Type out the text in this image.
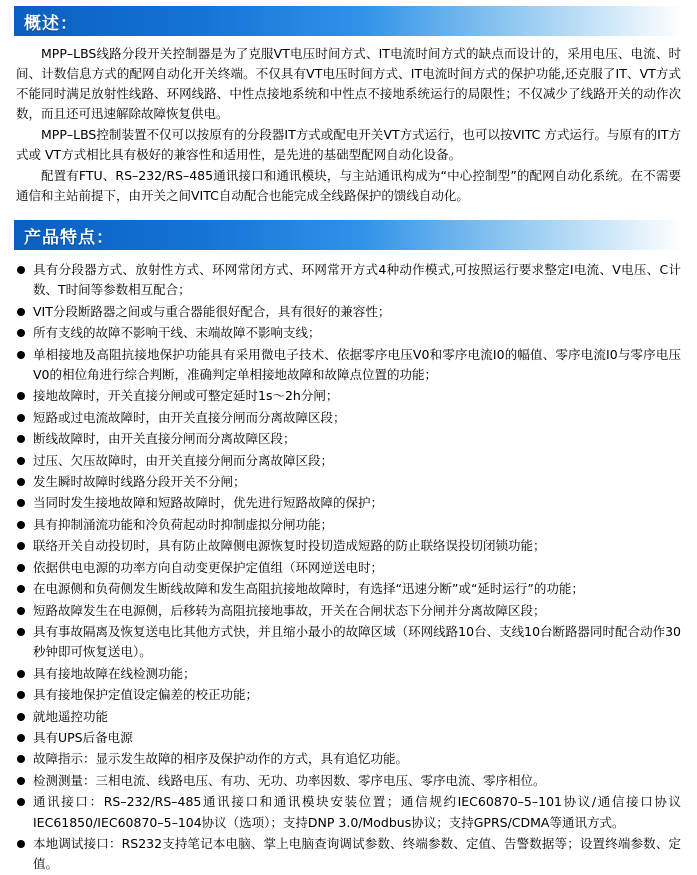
概述：

MPP–LBS线路分段开关控制器是为了克服VT电压时间方式、IT电流时间方式的缺点而设计的，采用电压、电流、时间、计数信息方式的配网自动化开关终端。不仅具有VT电压时间方式、IT电流时间方式的保护功能,还克服了IT、VT方式不能同时满足放射性线路、环网线路、中性点接地系统和中性点不接地系统运行的局限性；不仅减少了线路开关的动作次数，而且还可迅速解除故障恢复供电。

MPP–LBS控制装置不仅可以按原有的分段器IT方式或配电开关VT方式运行，也可以按VITC 方式运行。与原有的IT方式或 VT方式相比具有极好的兼容性和适用性，是先进的基础型配网自动化设备。

配置有FTU、RS–232/RS–485通讯接口和通讯模块，与主站通讯构成为“中心控制型”的配网自动化系统。在不需要通信和主站前提下，由开关之间VITC自动配合也能完成全线路保护的馈线自动化。

产品特点：
具有分段器方式、放射性方式、环网常闭方式、环网常开方式4种动作模式,可按照运行要求整定I电流、V电压、C计数、T时间等参数相互配合；
VIT分段断路器之间或与重合器能很好配合，具有很好的兼容性；
所有支线的故障不影响干线、末端故障不影响支线；
单相接地及高阻抗接地保护功能具有采用微电子技术、依据零序电压V0和零序电流I0的幅值、零序电流I0与零序电压V0的相位角进行综合判断，准确判定单相接地故障和故障点位置的功能；
接地故障时，开关直接分闸或可整定延时1s～2h分闸；
短路或过电流故障时，由开关直接分闸而分离故障区段；
断线故障时，由开关直接分闸而分离故障区段；
过压、欠压故障时，由开关直接分闸而分离故障区段；
发生瞬时故障时线路分段开关不分闸；
当同时发生接地故障和短路故障时，优先进行短路故障的保护；
具有抑制涌流功能和冷负荷起动时抑制虚拟分闸功能；
联络开关自动投切时，具有防止故障侧电源恢复时投切造成短路的防止联络误投切闭锁功能；
依据供电电源的功率方向自动变更保护定值组（环网逆送电时；
在电源侧和负荷侧发生断线故障和发生高阻抗接地故障时，有选择“迅速分断”或“延时运行”的功能；
短路故障发生在电源侧，后移转为高阻抗接地事故，开关在合闸状态下分闸并分离故障区段；
具有事故隔离及恢复送电比其他方式快，并且缩小最小的故障区域（环网线路10台、支线10台断路器同时配合动作30秒钟即可恢复送电）。
具有接地故障在线检测功能；
具有接地保护定值设定偏差的校正功能；
就地遥控功能
具有UPS后备电源
故障指示：显示发生故障的相序及保护动作的方式，具有追忆功能。
检测测量：三相电流、线路电压、有功、无功、功率因数、零序电压、零序电流、零序相位。
通讯接口：RS–232/RS–485通讯接口和通讯模块安装位置；通信规约IEC60870–5–101协议/通信接口协议IEC61850/IEC60870–5–104协议（选项）；支持DNP 3.0/Modbus协议；支持GPRS/CDMA等通讯方式。
本地调试接口：RS232支持笔记本电脑、掌上电脑查询调试参数、终端参数、定值、告警数据等；设置终端参数、定值。
